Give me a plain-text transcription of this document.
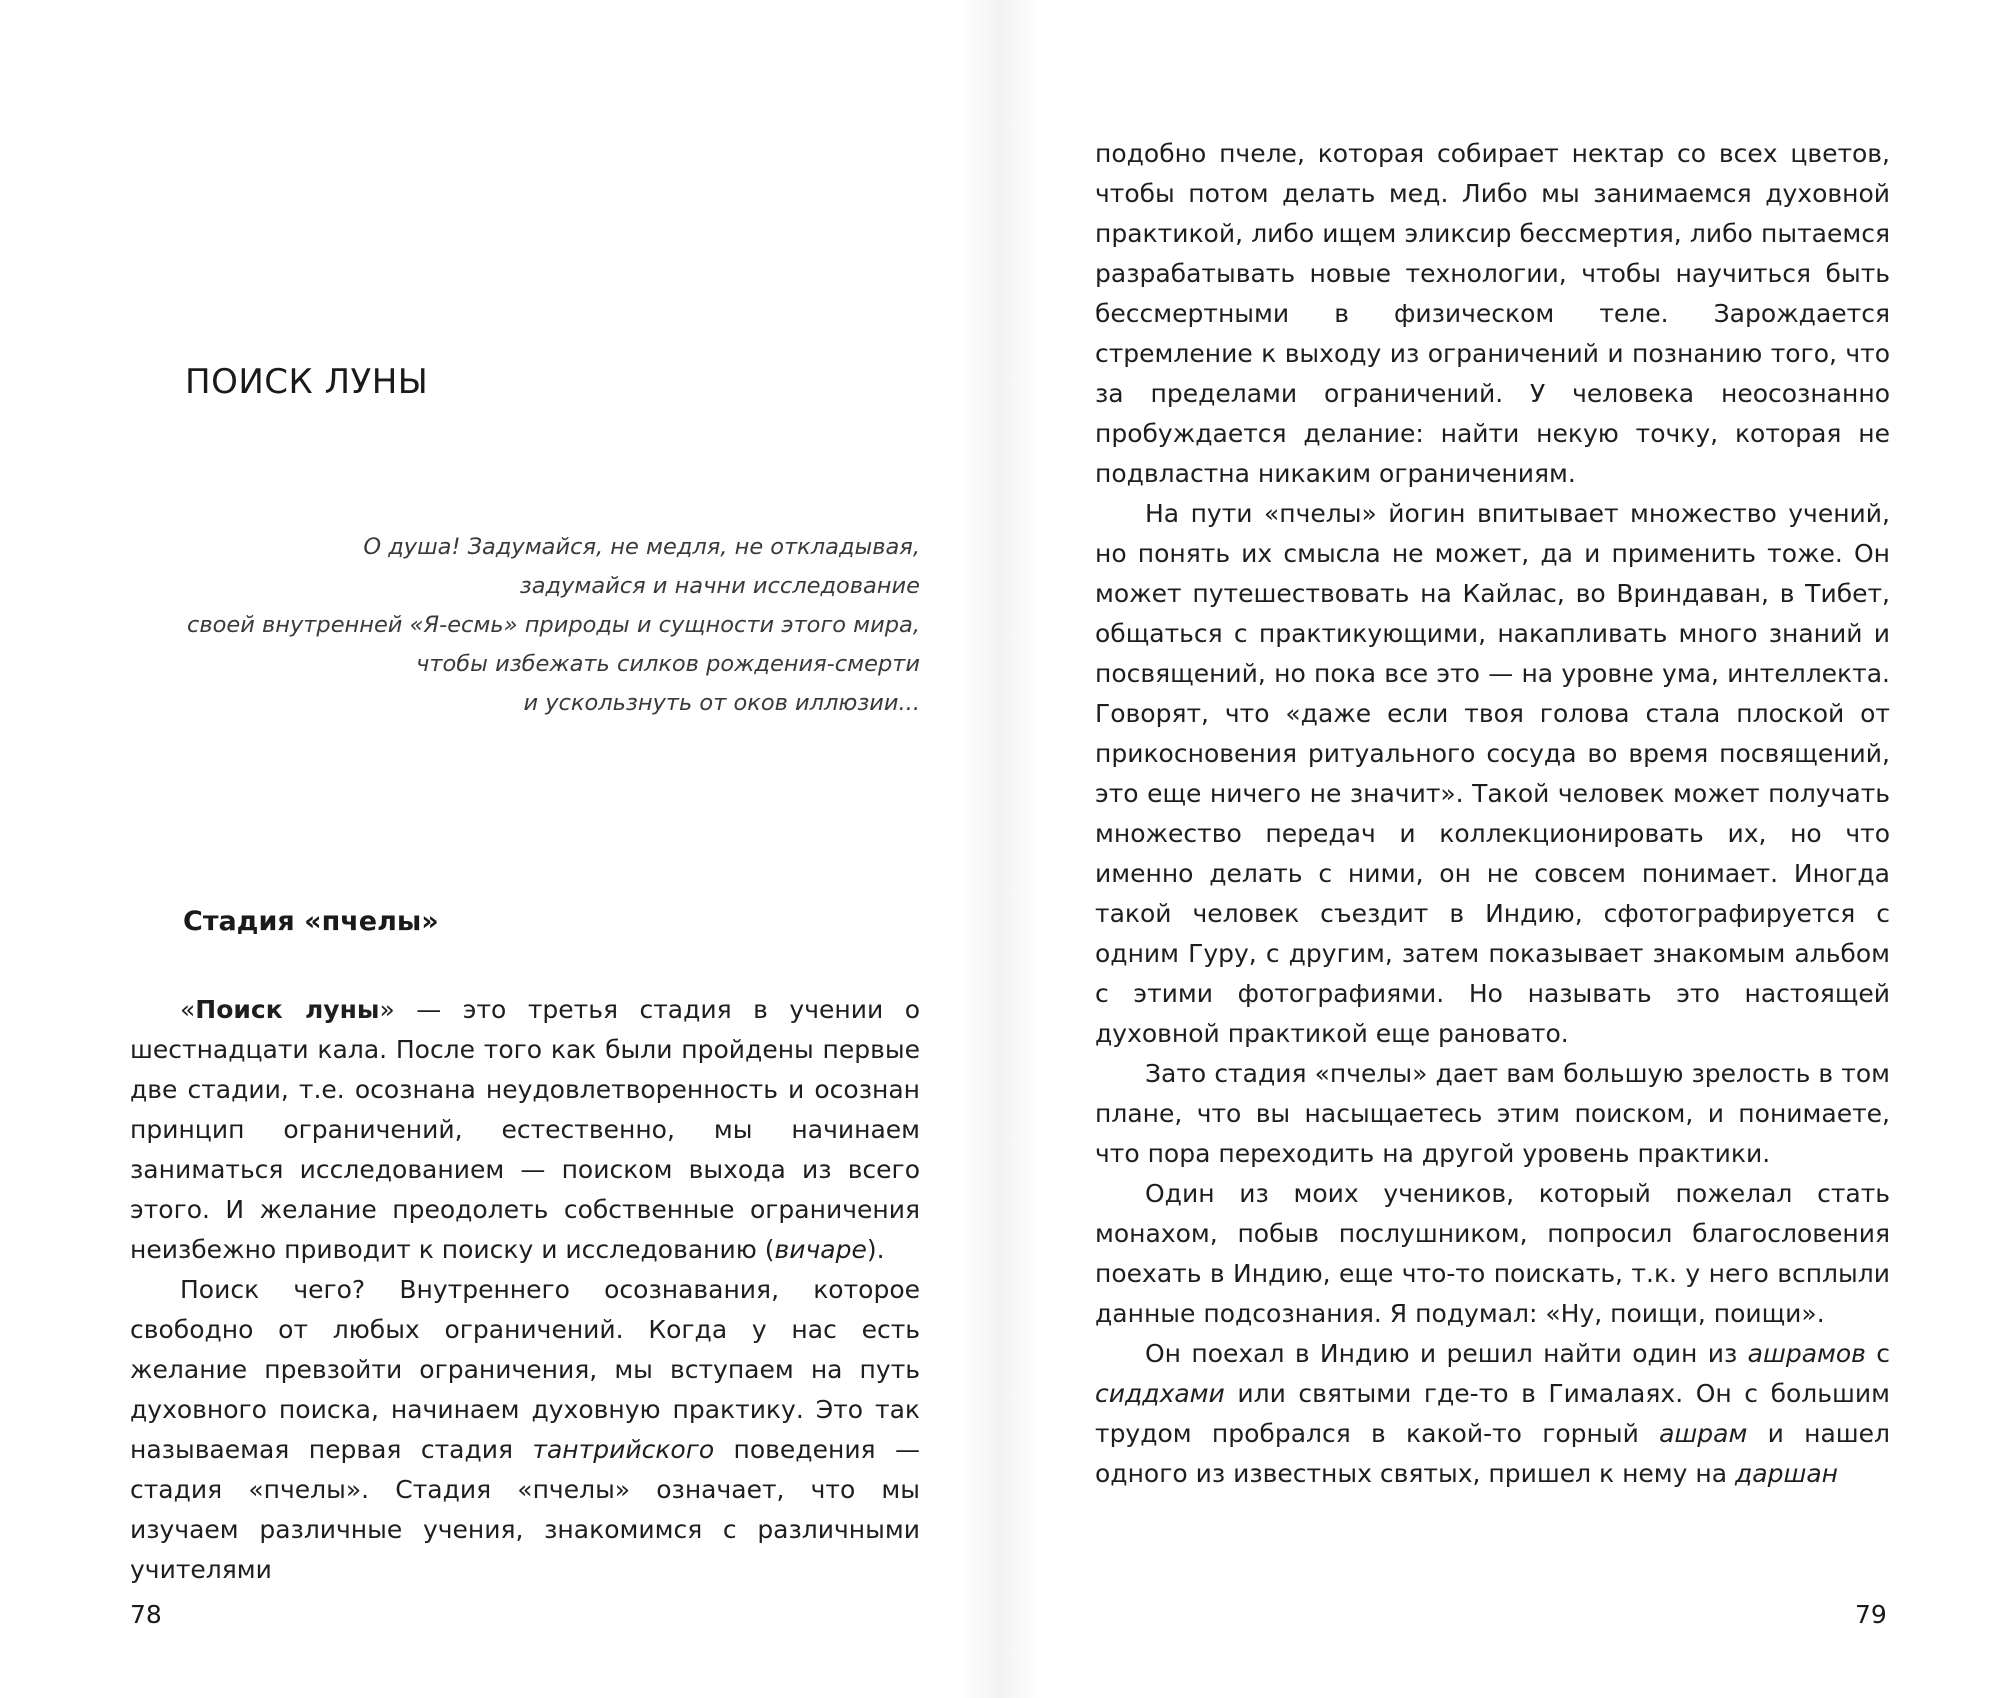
ПОИСК ЛУНЫ
О душа! Задумайся, не медля, не откладывая,
задумайся и начни исследование
своей внутренней «Я-есмь» природы и сущности этого мира,
чтобы избежать силков рождения-смерти
и ускользнуть от оков иллюзии...
Стадия «пчелы»

«Поиск луны» — это третья стадия в учении о шестнадцати кала. После того как были пройдены первые две стадии, т.е. осознана неудовлетворенность и осознан принцип ограничений, естественно, мы начинаем заниматься исследованием — поиском выхода из всего этого. И желание преодолеть собственные ограничения неизбежно приводит к поиску и исследованию (вичаре).

Поиск чего? Внутреннего осознавания, которое свободно от любых ограничений. Когда у нас есть желание превзойти ограничения, мы вступаем на путь духовного поиска, начинаем духовную практику. Это так называемая первая стадия тантрийского поведения — стадия «пчелы». Стадия «пчелы» означает, что мы изучаем различные учения, знакомимся с различными учителями

78

подобно пчеле, которая собирает нектар со всех цветов, чтобы потом делать мед. Либо мы занимаемся духовной практикой, либо ищем эликсир бессмертия, либо пытаемся разрабатывать новые технологии, чтобы научиться быть бессмертными в физическом теле. Зарождается стремление к выходу из ограничений и познанию того, что за пределами ограничений. У человека неосознанно пробуждается делание: найти некую точку, которая не подвластна никаким ограничениям.

На пути «пчелы» йогин впитывает множество учений, но понять их смысла не может, да и применить тоже. Он может путешествовать на Кайлас, во Вриндаван, в Тибет, общаться с практикующими, накапливать много знаний и посвящений, но пока все это — на уровне ума, интеллекта. Говорят, что «даже если твоя голова стала плоской от прикосновения ритуального сосуда во время посвящений, это еще ничего не значит». Такой человек может получать множество передач и коллекционировать их, но что именно делать с ними, он не совсем понимает. Иногда такой человек съездит в Индию, сфотографируется с одним Гуру, с другим, затем показывает знакомым альбом с этими фотографиями. Но называть это настоящей духовной практикой еще рановато.

Зато стадия «пчелы» дает вам большую зрелость в том плане, что вы насыщаетесь этим поиском, и понимаете, что пора переходить на другой уровень практики.

Один из моих учеников, который пожелал стать монахом, побыв послушником, попросил благословения поехать в Индию, еще что-то поискать, т.к. у него всплыли данные подсознания. Я подумал: «Ну, поищи, поищи».

Он поехал в Индию и решил найти один из ашрамов с сиддхами или святыми где-то в Гималаях. Он с большим трудом пробрался в какой-то горный ашрам и нашел одного из известных святых, пришел к нему на даршан

79
